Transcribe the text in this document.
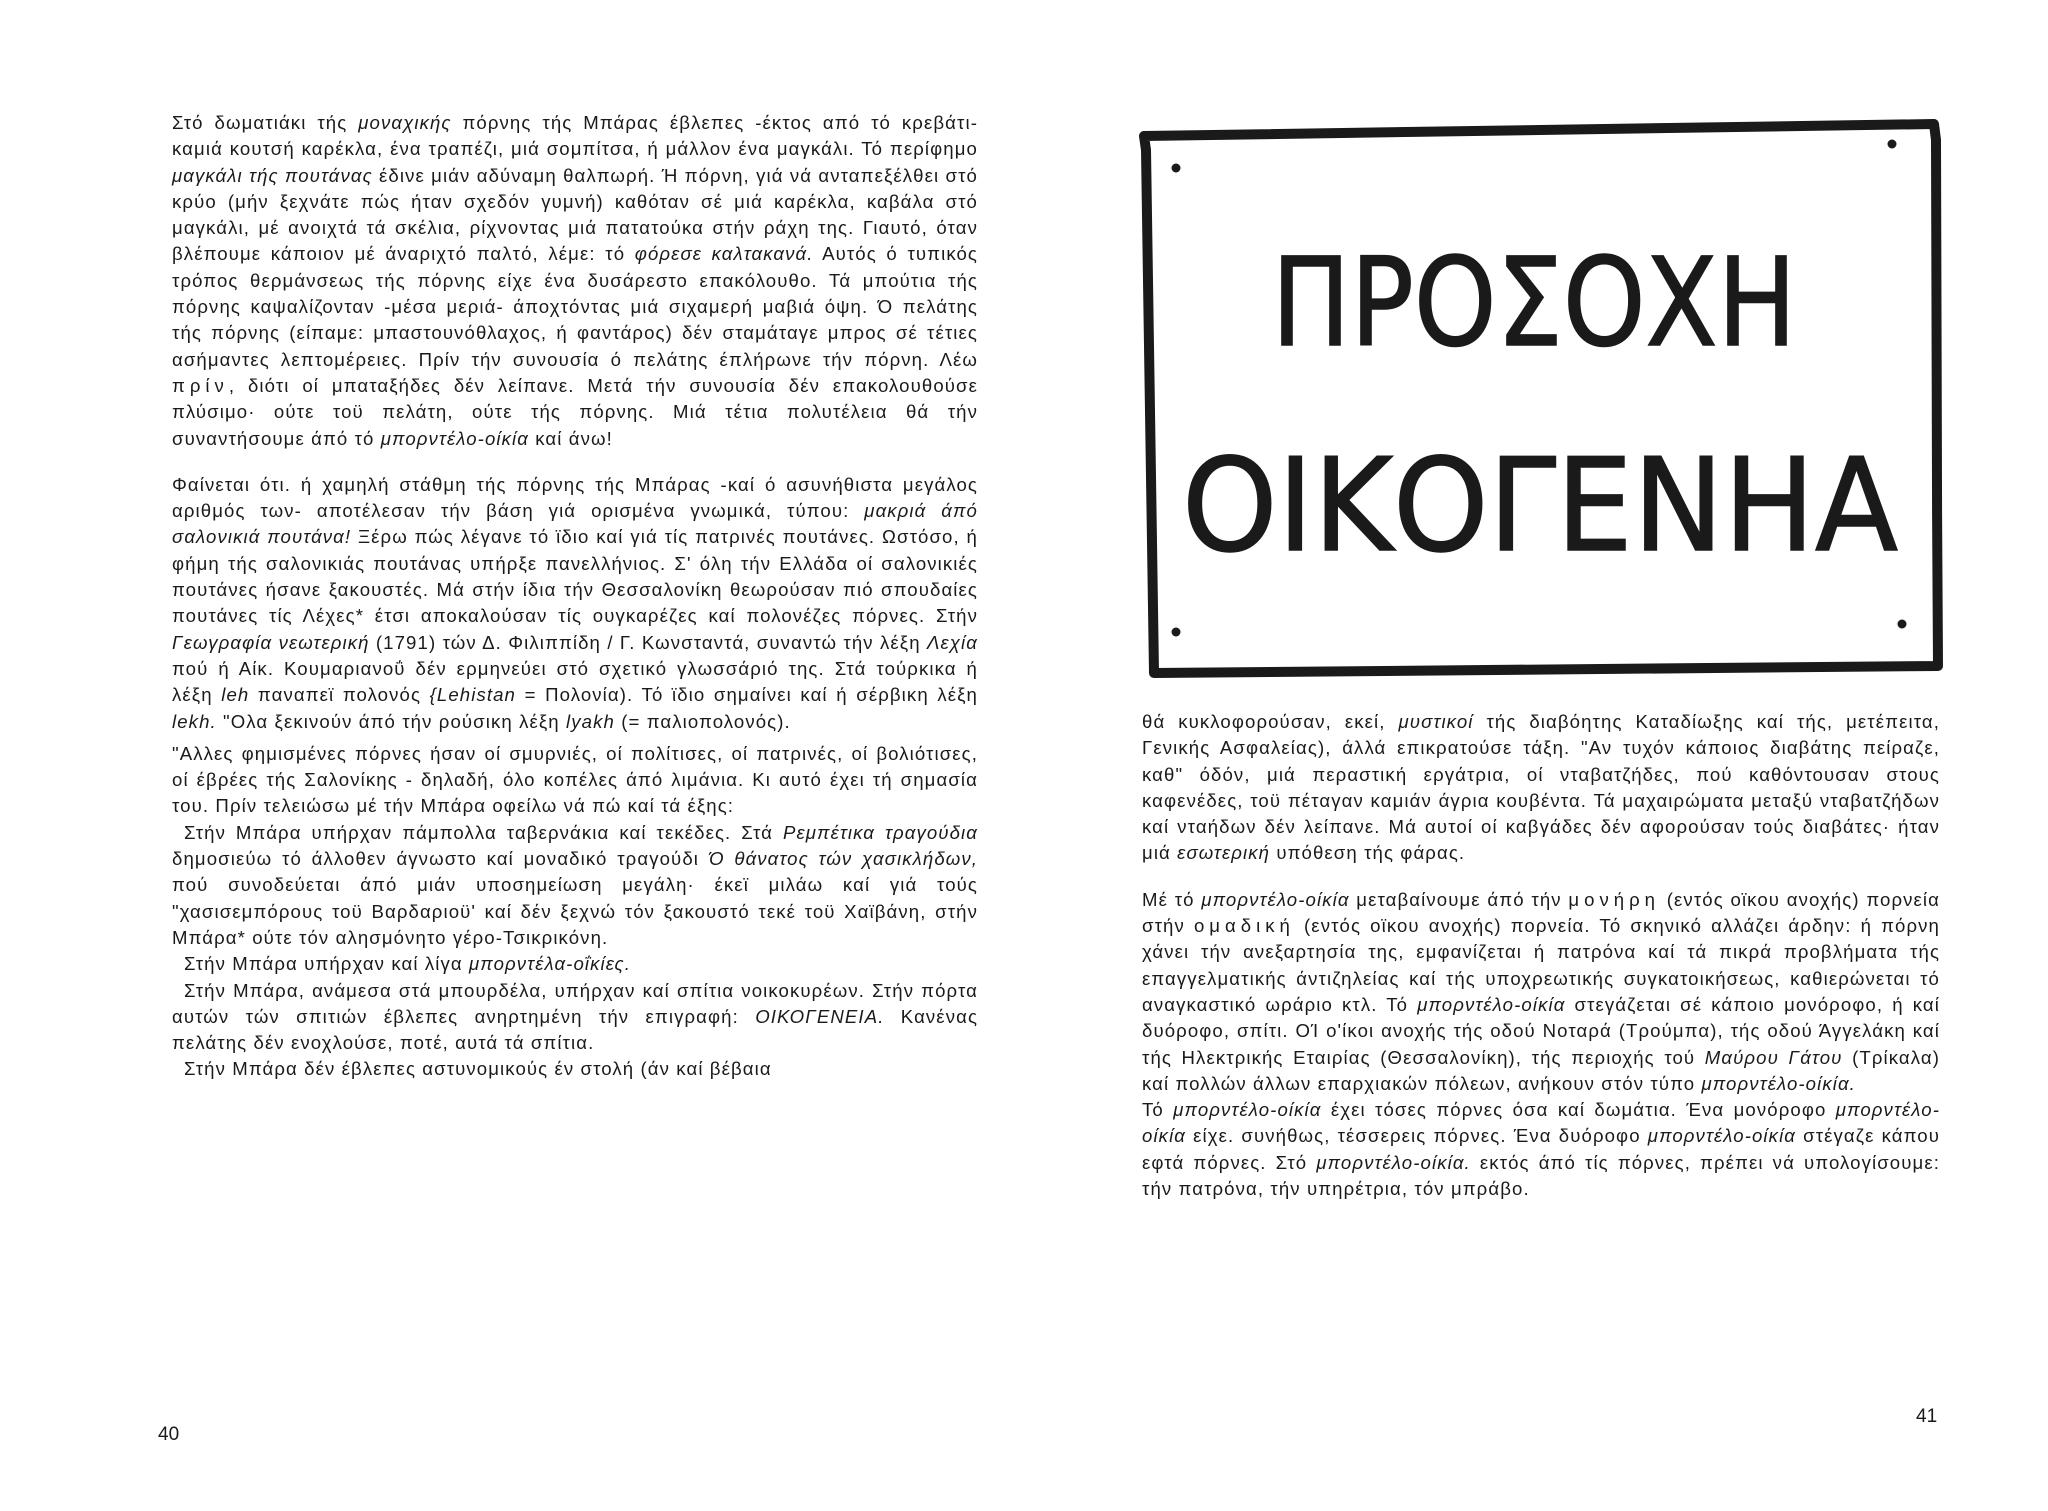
Στό δωματιάκι τής μοναχικής πόρνης τής Μπάρας έβλεπες -έκτος από τό κρεβάτι- καμιά κουτσή καρέκλα, ένα τραπέζι, μιά σομπίτσα, ή μάλλον ένα μαγκάλι. Τό περίφημο μαγκάλι τής πουτάνας έδινε μιάν αδύναμη θαλπωρή. Ή πόρνη, γιά νά ανταπεξέλθει στό κρύο (μήν ξεχνάτε πώς ήταν σχεδόν γυμνή) καθόταν σέ μιά καρέκλα, καβάλα στό μαγκάλι, μέ ανοιχτά τά σκέλια, ρίχνοντας μιά πατατούκα στήν ράχη της. Γιαυτό, όταν βλέπουμε κάποιον μέ άναριχτό παλτό, λέμε: τό φόρεσε καλτακανά. Αυτός ό τυπικός τρόπος θερμάνσεως τής πόρνης είχε ένα δυσάρεστο επακόλουθο. Τά μπούτια τής πόρνης καψαλίζονταν -μέσα μεριά- άποχτόντας μιά σιχαμερή μαβιά όψη. Ό πελάτης τής πόρνης (είπαμε: μπαστουνόθλαχος, ή φαντάρος) δέν σταμάταγε μπρος σέ τέτιες ασήμαντες λεπτομέρειες. Πρίν τήν συνουσία ό πελάτης έπλήρωνε τήν πόρνη. Λέω πρίν, διότι οί μπαταξήδες δέν λείπανε. Μετά τήν συνουσία δέν επακολουθούσε πλύσιμο· ούτε τοϋ πελάτη, ούτε τής πόρνης. Μιά τέτια πολυτέλεια θά τήν συναντήσουμε άπό τό μπορντέλο-οίκία καί άνω!

Φαίνεται ότι. ή χαμηλή στάθμη τής πόρνης τής Μπάρας -καί ό ασυνήθιστα μεγάλος αριθμός των- αποτέλεσαν τήν βάση γιά ορισμένα γνωμικά, τύπου: μακριά άπό σαλονικιά πουτάνα! Ξέρω πώς λέγανε τό ϊδιο καί γιά τίς πατρινές πουτάνες. Ωστόσο, ή φήμη τής σαλονικιάς πουτάνας υπήρξε πανελλήνιος. Σ' όλη τήν Ελλάδα οί σαλονικιές πουτάνες ήσανε ξακουστές. Μά στήν ίδια τήν Θεσσαλονίκη θεωρούσαν πιό σπουδαίες πουτάνες τίς Λέχες* έτσι αποκαλούσαν τίς ουγκαρέζες καί πολονέζες πόρνες. Στήν Γεωγραφία νεωτερική (1791) τών Δ. Φιλιππίδη / Γ. Κωνσταντά, συναντώ τήν λέξη Λεχία πού ή Αίκ. Κουμαριανοΰ δέν ερμηνεύει στό σχετικό γλωσσάριό της. Στά τούρκικα ή λέξη leh παναπεϊ πολονός {Lehistan = Πολονία). Τό ϊδιο σημαίνει καί ή σέρβικη λέξη lekh. "Ολα ξεκινούν άπό τήν ρούσικη λέξη lyakh (= παλιοπολονός).

"Αλλες φημισμένες πόρνες ήσαν οί σμυρνιές, οί πολίτισες, οί πατρινές, οί βολιότισες, οί έβρέες τής Σαλονίκης - δηλαδή, όλο κοπέλες άπό λιμάνια. Κι αυτό έχει τή σημασία του. Πρίν τελειώσω μέ τήν Μπάρα οφείλω νά πώ καί τά έξης:

Στήν Μπάρα υπήρχαν πάμπολλα ταβερνάκια καί τεκέδες. Στά Ρεμπέτικα τραγούδια δημοσιεύω τό άλλοθεν άγνωστο καί μοναδικό τραγούδι Ό θάνατος τών χασικλήδων, πού συνοδεύεται άπό μιάν υποσημείωση μεγάλη· έκεϊ μιλάω καί γιά τούς "χασισεμπόρους τοϋ Βαρδαριοϋ' καί δέν ξεχνώ τόν ξακουστό τεκέ τοϋ Χαϊβάνη, στήν Μπάρα* ούτε τόν αλησμόνητο γέρο-Τσικρικόνη.

Στήν Μπάρα υπήρχαν καί λίγα μπορντέλα-οΐκίες.

Στήν Μπάρα, ανάμεσα στά μπουρδέλα, υπήρχαν καί σπίτια νοικοκυρέων. Στήν πόρτα αυτών τών σπιτιών έβλεπες ανηρτημένη τήν επιγραφή: ΟΙΚΟΓΕΝΕΙΑ. Κανένας πελάτης δέν ενοχλούσε, ποτέ, αυτά τά σπίτια.

Στήν Μπάρα δέν έβλεπες αστυνομικούς έν στολή (άν καί βέβαια

40
ΠΡΟΣΟΧΗ
ΟΙΚΟΓΕΝΗΑ

θά κυκλοφορούσαν, εκεί, μυστικοί τής διαβόητης Καταδίωξης καί τής, μετέπειτα, Γενικής Ασφαλείας), άλλά επικρατούσε τάξη. "Αν τυχόν κάποιος διαβάτης πείραζε, καθ" όδόν, μιά περαστική εργάτρια, οί νταβατζήδες, πού καθόντουσαν στους καφενέδες, τοϋ πέταγαν καμιάν άγρια κουβέντα. Τά μαχαιρώματα μεταξύ νταβατζήδων καί νταήδων δέν λείπανε. Μά αυτοί οί καβγάδες δέν αφορούσαν τούς διαβάτες· ήταν μιά εσωτερική υπόθεση τής φάρας.

Μέ τό μπορντέλο-οίκία μεταβαίνουμε άπό τήν μονήρη (εντός οϊκου ανοχής) πορνεία στήν ομαδική (εντός οϊκου ανοχής) πορνεία. Τό σκηνικό αλλάζει άρδην: ή πόρνη χάνει τήν ανεξαρτησία της, εμφανίζεται ή πατρόνα καί τά πικρά προβλήματα τής επαγγελματικής άντιζηλείας καί τής υποχρεωτικής συγκατοικήσεως, καθιερώνεται τό αναγκαστικό ωράριο κτλ. Τό μπορντέλο-οίκία στεγάζεται σέ κάποιο μονόροφο, ή καί δυόροφο, σπίτι. ΟΊ ο'ίκοι ανοχής τής οδού Νοταρά (Τρούμπα), τής οδού Άγγελάκη καί τής Ηλεκτρικής Εταιρίας (Θεσσαλονίκη), τής περιοχής τού Μαύρου Γάτου (Τρίκαλα) καί πολλών άλλων επαρχιακών πόλεων, ανήκουν στόν τύπο μπορντέλο-οίκία.

Τό μπορντέλο-οίκία έχει τόσες πόρνες όσα καί δωμάτια. Ένα μονόροφο μπορντέλο-οίκία είχε. συνήθως, τέσσερεις πόρνες. Ένα δυόροφο μπορντέλο-οίκία στέγαζε κάπου εφτά πόρνες. Στό μπορντέλο-οίκία. εκτός άπό τίς πόρνες, πρέπει νά υπολογίσουμε: τήν πατρόνα, τήν υπηρέτρια, τόν μπράβο.

41
